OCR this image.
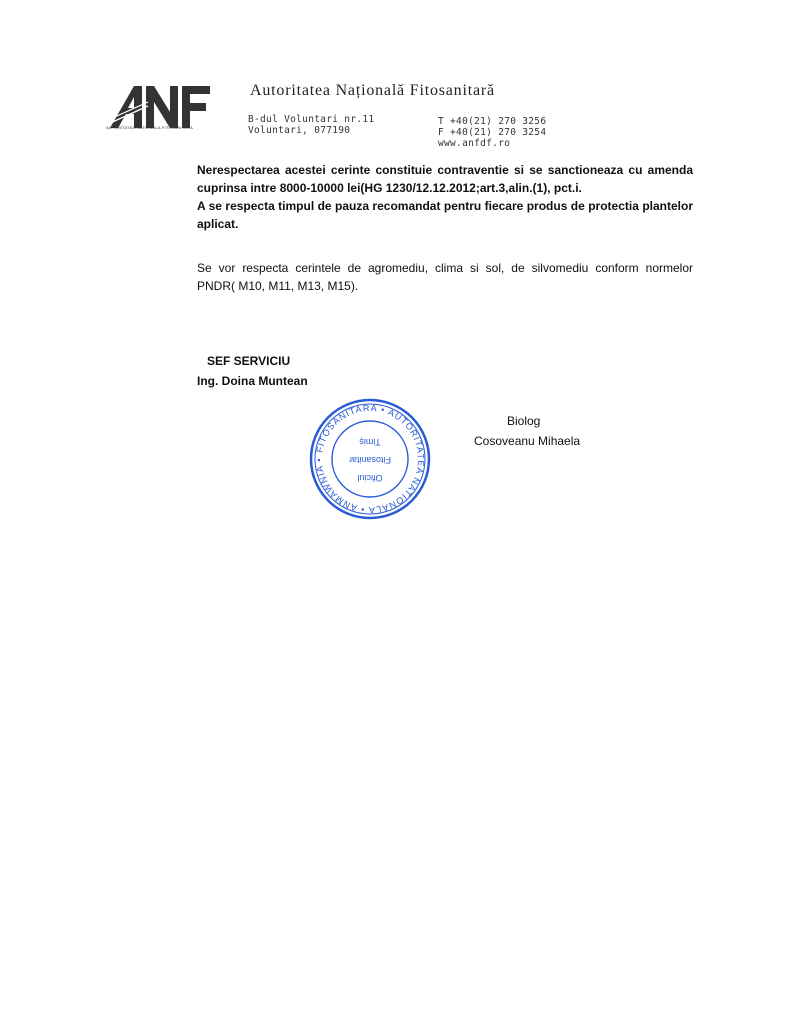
AUTORITATEA NATIONALA FITOSANITARA
Autoritatea Națională Fitosanitară
B-dul Voluntari nr.11
Voluntari, 077190
T +40(21) 270 3256
F +40(21) 270 3254
www.anfdf.ro
Nerespectarea acestei cerinte constituie contraventie si se sanctioneaza cu amenda
cuprinsa intre 8000-10000 lei(HG 1230/12.12.2012;art.3,alin.(1), pct.i.
A se respecta timpul de pauza recomandat pentru fiecare produs de protectia plantelor
aplicat.
Se vor respecta cerintele de agromediu, clima si sol, de silvomediu conform normelor
PNDR( M10, M11, M13, M15).
SEF SERVICIU
Ing. Doina Muntean
Biolog
Cosoveanu Mihaela
FITOSANITARA • AUTORITATEA NATIONALA • ANMAWNIA •
Oficiul
Fitosanitar
Timiș
